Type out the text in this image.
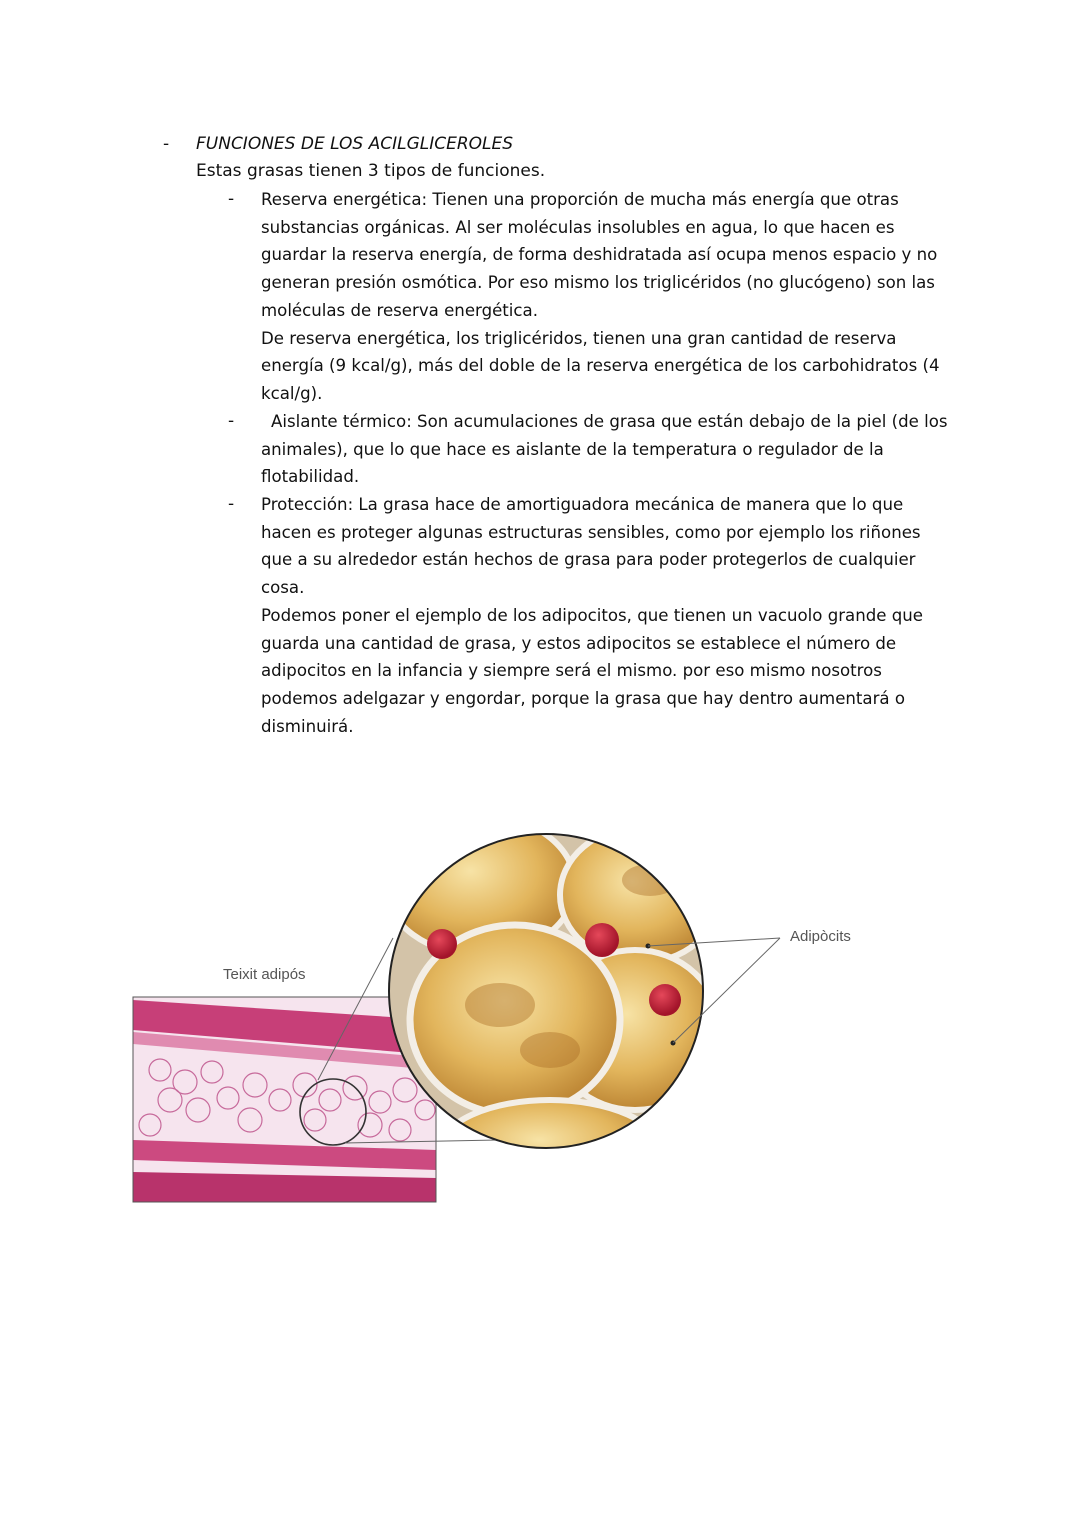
- FUNCIONES DE LOS ACILGLICEROLES
Estas grasas tienen 3 tipos de funciones.
- Reserva energética: Tienen una proporción de mucha más energía que otras substancias orgánicas. Al ser moléculas insolubles en agua, lo que hacen es guardar la reserva energía, de forma deshidratada así ocupa menos espacio y no generan presión osmótica. Por eso mismo los triglicéridos (no glucógeno) son las moléculas de reserva energética.

De reserva energética, los triglicéridos, tienen una gran cantidad de reserva energía (9 kcal/g), más del doble de la reserva energética de los carbohidratos (4 kcal/g).

-	Aislante térmico: Son acumulaciones de grasa que están debajo de la piel (de los animales), que lo que hace es aislante de la temperatura o regulador de la flotabilidad.

- Protección: La grasa hace de amortiguadora mecánica de manera que lo que hacen es proteger algunas estructuras sensibles, como por ejemplo los riñones que a su alrededor están hechos de grasa para poder protegerlos de cualquier cosa.

Podemos poner el ejemplo de los adipocitos, que tienen un vacuolo grande que guarda una cantidad de grasa, y estos adipocitos se establece el número de adipocitos en la infancia y siempre será el mismo. por eso mismo nosotros podemos adelgazar y engordar, porque la grasa que hay dentro aumentará o disminuirá.

Teixit adipós
Adipòcits
